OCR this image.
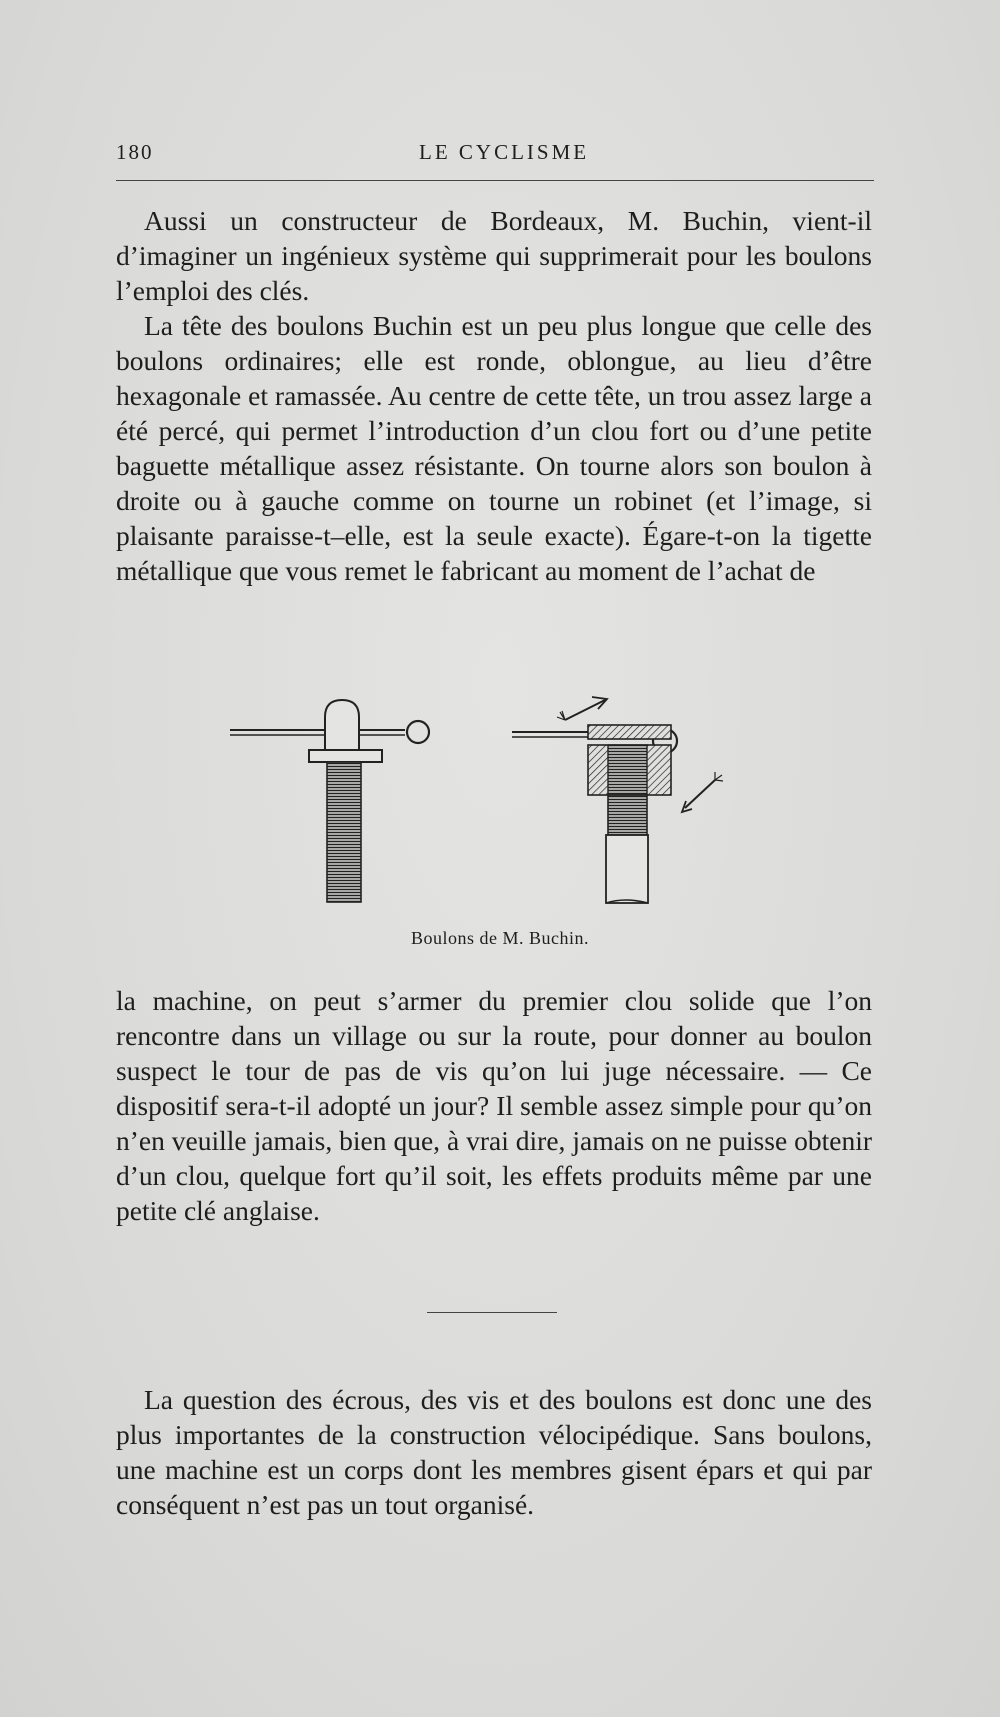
180	LE CYCLISME

Aussi un constructeur de Bordeaux, M. Buchin, vient-il d’imaginer un ingénieux système qui supprimerait pour les boulons l’emploi des clés.

La tête des boulons Buchin est un peu plus longue que celle des boulons ordinaires; elle est ronde, oblongue, au lieu d’être hexagonale et ramassée. Au centre de cette tête, un trou assez large a été percé, qui permet l’introduction d’un clou fort ou d’une petite baguette métallique assez résistante. On tourne alors son boulon à droite ou à gauche comme on tourne un robinet (et l’image, si plaisante paraisse-t–elle, est la seule exacte). Égare-t-on la tigette métallique que vous remet le fabricant au moment de l’achat de

Boulons de M. Buchin.

la machine, on peut s’armer du premier clou solide que l’on rencontre dans un village ou sur la route, pour donner au boulon suspect le tour de pas de vis qu’on lui juge nécessaire. — Ce dispositif sera-t-il adopté un jour? Il semble assez simple pour qu’on n’en veuille jamais, bien que, à vrai dire, jamais on ne puisse obtenir d’un clou, quelque fort qu’il soit, les effets produits même par une petite clé anglaise.

La question des écrous, des vis et des boulons est donc une des plus importantes de la construction vélocipédique. Sans boulons, une machine est un corps dont les membres gisent épars et qui par conséquent n’est pas un tout organisé.
